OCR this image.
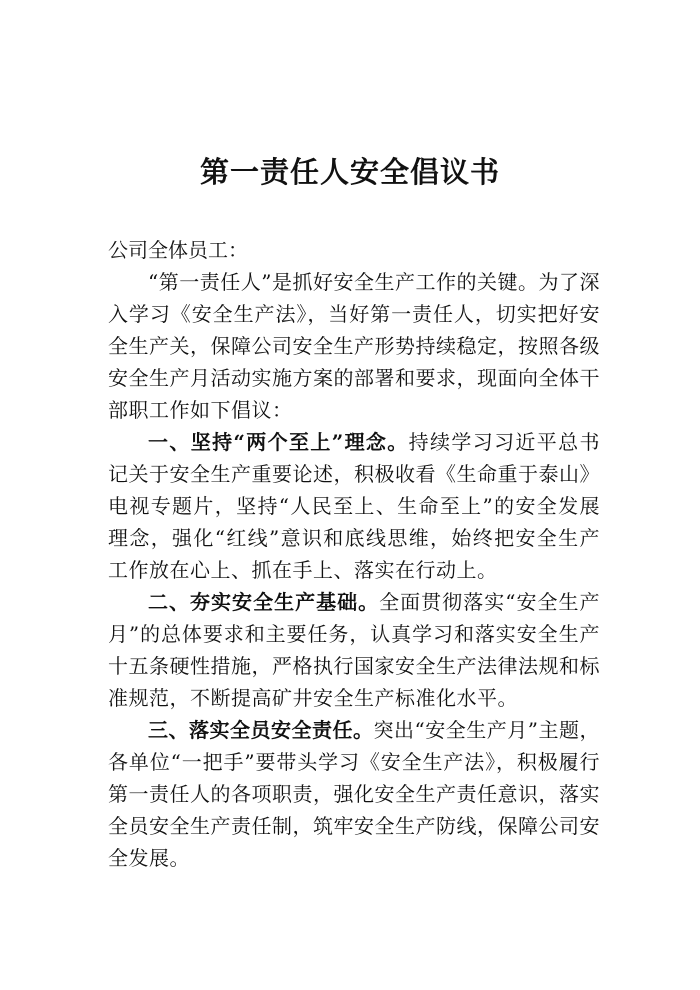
第一责任人安全倡议书

公司全体员工：

“第一责任人”是抓好安全生产工作的关键。为了深入学习《安全生产法》，当好第一责任人，切实把好安全生产关，保障公司安全生产形势持续稳定，按照各级安全生产月活动实施方案的部署和要求，现面向全体干部职工作如下倡议：

一、坚持“两个至上”理念。持续学习习近平总书记关于安全生产重要论述，积极收看《生命重于泰山》电视专题片，坚持“人民至上、生命至上”的安全发展理念，强化“红线”意识和底线思维，始终把安全生产工作放在心上、抓在手上、落实在行动上。

二、夯实安全生产基础。全面贯彻落实“安全生产月”的总体要求和主要任务，认真学习和落实安全生产十五条硬性措施，严格执行国家安全生产法律法规和标准规范，不断提高矿井安全生产标准化水平。

三、落实全员安全责任。突出“安全生产月”主题，各单位“一把手”要带头学习《安全生产法》，积极履行第一责任人的各项职责，强化安全生产责任意识，落实全员安全生产责任制，筑牢安全生产防线，保障公司安全发展。
